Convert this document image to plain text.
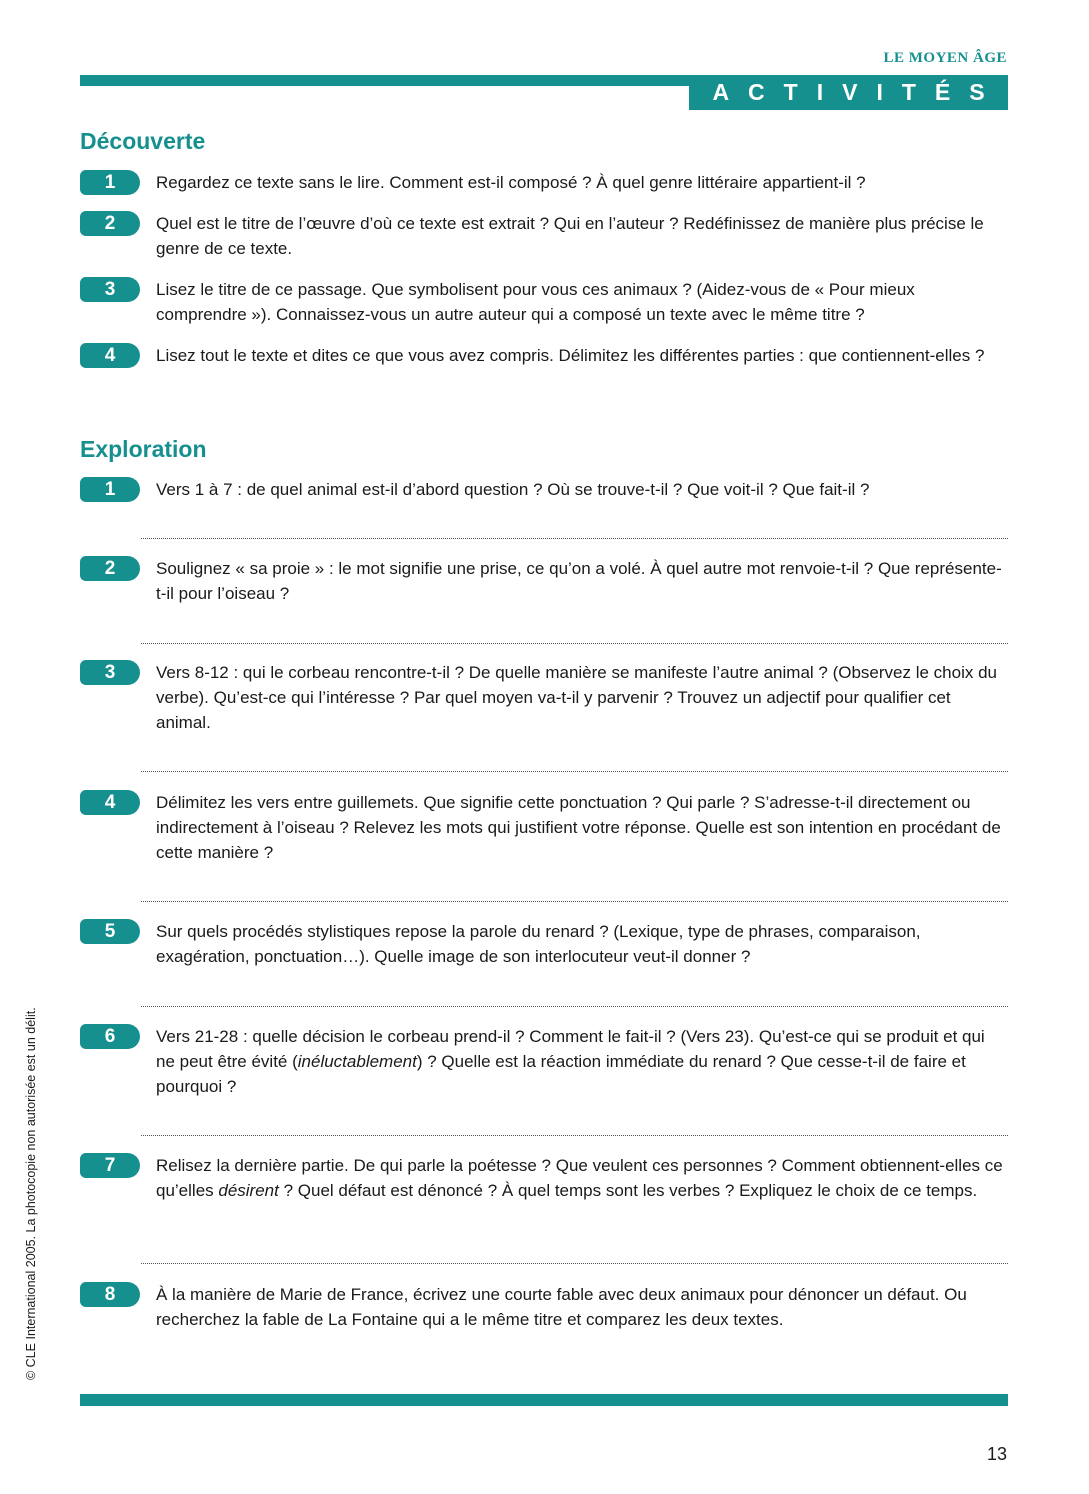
LE MOYEN ÂGE
ACTIVITÉS
Découverte
1	Regardez ce texte sans le lire. Comment est-il composé ? À quel genre littéraire appartient-il ?
2	Quel est le titre de l’œuvre d’où ce texte est extrait ? Qui en l’auteur ? Redéfinissez de manière plus précise le genre de ce texte.
3	Lisez le titre de ce passage. Que symbolisent pour vous ces animaux ? (Aidez-vous de « Pour mieux comprendre »). Connaissez-vous un autre auteur qui a composé un texte avec le même titre ?
4	Lisez tout le texte et dites ce que vous avez compris. Délimitez les différentes parties : que contiennent-elles ?
Exploration
1	Vers 1 à 7 : de quel animal est-il d’abord question ? Où se trouve-t-il ? Que voit-il ? Que fait-il ?
2	Soulignez « sa proie » : le mot signifie une prise, ce qu’on a volé. À quel autre mot renvoie-t-il ? Que représente-t-il pour l’oiseau ?
3	Vers 8-12 : qui le corbeau rencontre-t-il ? De quelle manière se manifeste l’autre animal ? (Observez le choix du verbe). Qu’est-ce qui l’intéresse ? Par quel moyen va-t-il y parvenir ? Trouvez un adjectif pour qualifier cet animal.
4	Délimitez les vers entre guillemets. Que signifie cette ponctuation ? Qui parle ? S’adresse-t-il directement ou indirectement à l’oiseau ? Relevez les mots qui justifient votre réponse. Quelle est son intention en procédant de cette manière ?
5	Sur quels procédés stylistiques repose la parole du renard ? (Lexique, type de phrases, comparaison, exagération, ponctuation…). Quelle image de son interlocuteur veut-il donner ?
6	Vers 21-28 : quelle décision le corbeau prend-il ? Comment le fait-il ? (Vers 23). Qu’est-ce qui se produit et qui ne peut être évité (inéluctablement) ? Quelle est la réaction immédiate du renard ? Que cesse-t-il de faire et pourquoi ?
7	Relisez la dernière partie. De qui parle la poétesse ? Que veulent ces personnes ? Comment obtiennent-elles ce qu’elles désirent ? Quel défaut est dénoncé ? À quel temps sont les verbes ? Expliquez le choix de ce temps.
8	À la manière de Marie de France, écrivez une courte fable avec deux animaux pour dénoncer un défaut. Ou recherchez la fable de La Fontaine qui a le même titre et comparez les deux textes.
13
© CLE International 2005. La photocopie non autorisée est un délit.
